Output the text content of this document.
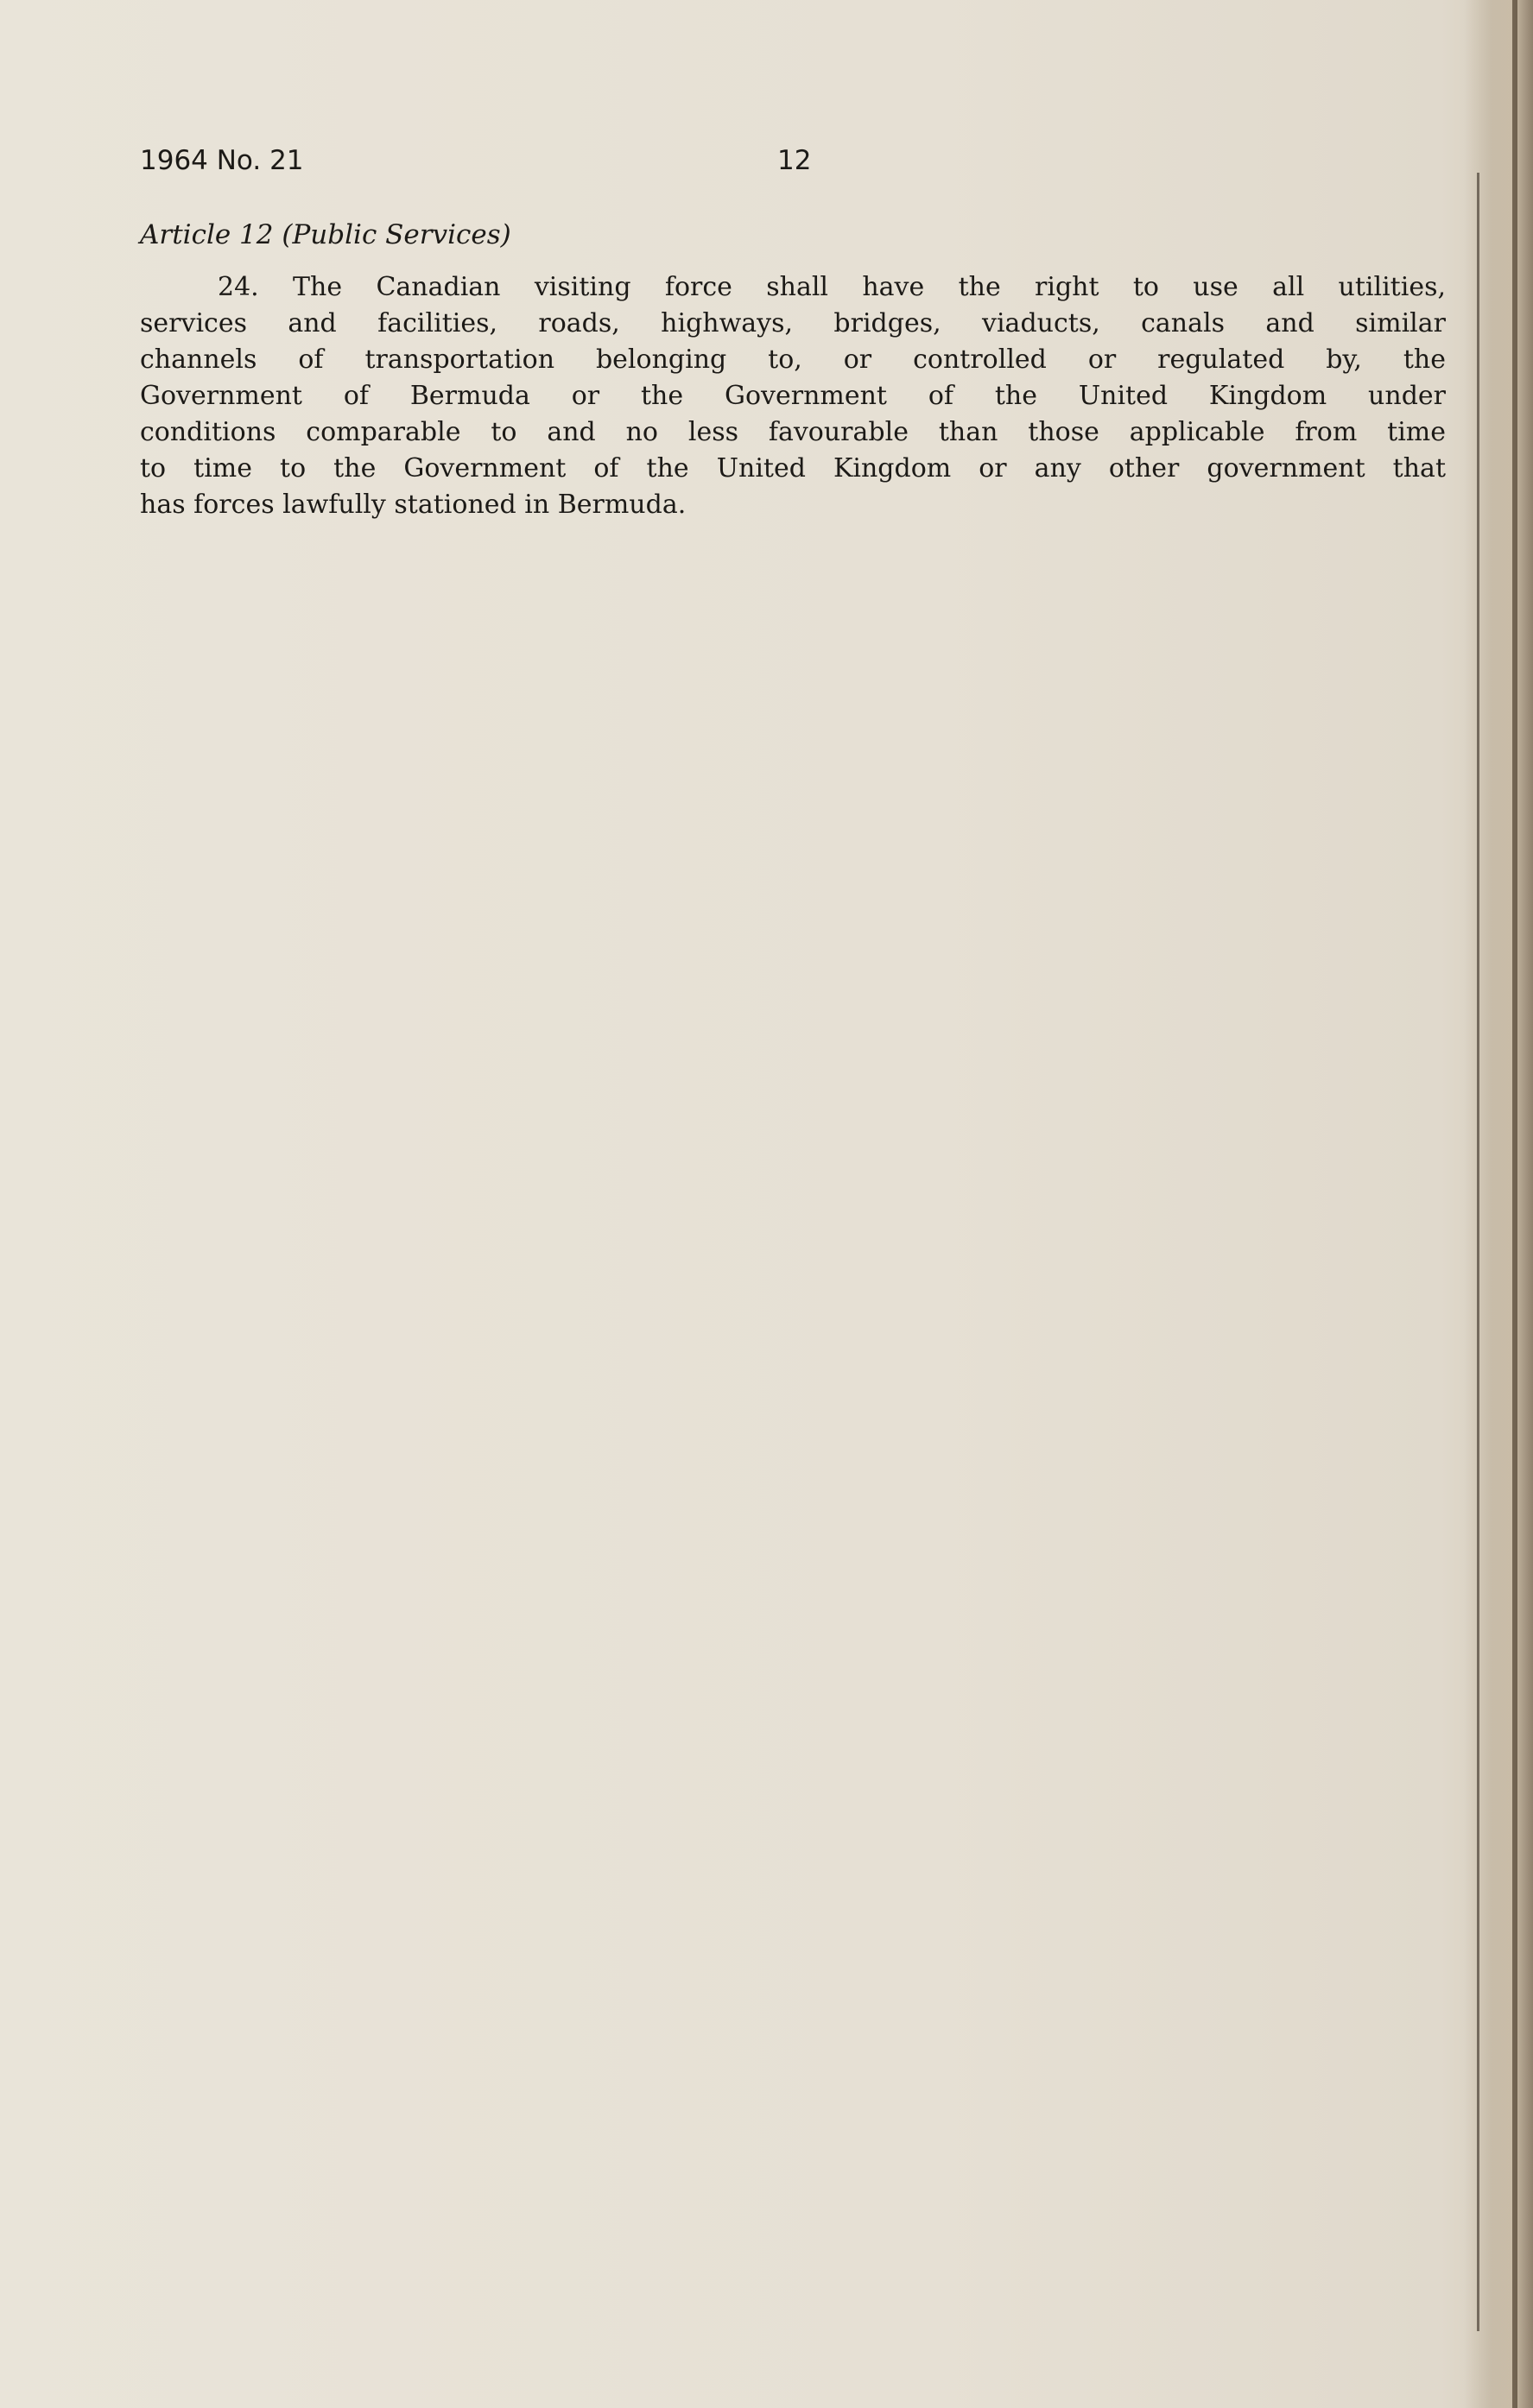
1964 No. 21	12
Article 12 (Public Services)
24. The Canadian visiting force shall have the right to use all utilities,
services and facilities, roads, highways, bridges, viaducts, canals and similar
channels of transportation belonging to, or controlled or regulated by, the
Government of Bermuda or the Government of the United Kingdom under
conditions comparable to and no less favourable than those applicable from time
to time to the Government of the United Kingdom or any other government that
has forces lawfully stationed in Bermuda.
